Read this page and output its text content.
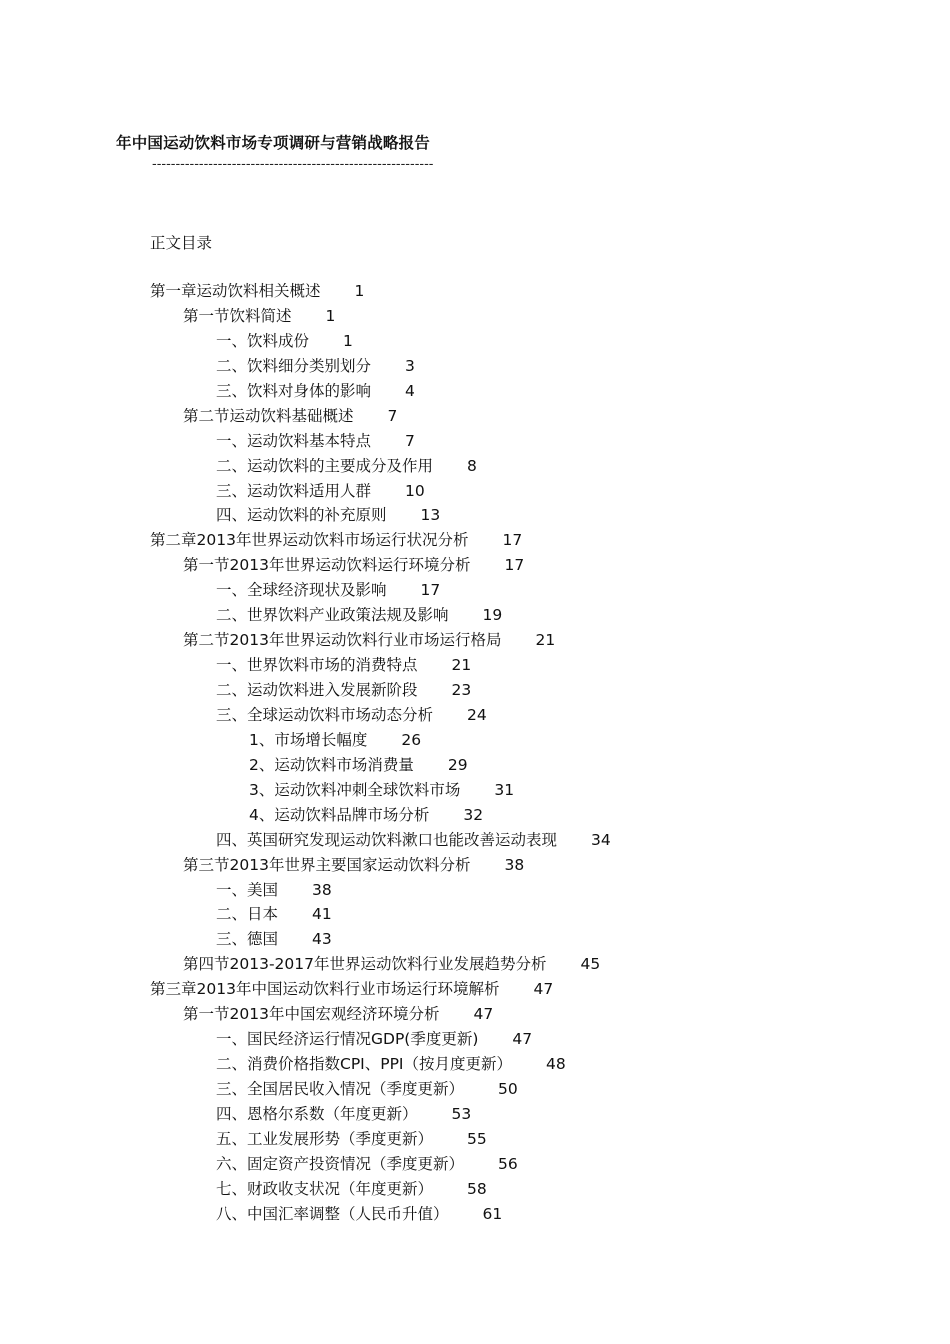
年中国运动饮料市场专项调研与营销战略报告
------------------------------------------------------------
正文目录
第一章运动饮料相关概述 1
第一节饮料简述 1
一、饮料成份 1
二、饮料细分类别划分 3
三、饮料对身体的影响 4
第二节运动饮料基础概述 7
一、运动饮料基本特点 7
二、运动饮料的主要成分及作用 8
三、运动饮料适用人群 10
四、运动饮料的补充原则 13
第二章2013年世界运动饮料市场运行状况分析 17
第一节2013年世界运动饮料运行环境分析 17
一、全球经济现状及影响 17
二、世界饮料产业政策法规及影响 19
第二节2013年世界运动饮料行业市场运行格局 21
一、世界饮料市场的消费特点 21
二、运动饮料进入发展新阶段 23
三、全球运动饮料市场动态分析 24
1、市场增长幅度 26
2、运动饮料市场消费量 29
3、运动饮料冲刺全球饮料市场 31
4、运动饮料品牌市场分析 32
四、英国研究发现运动饮料漱口也能改善运动表现 34
第三节2013年世界主要国家运动饮料分析 38
一、美国 38
二、日本 41
三、德国 43
第四节2013-2017年世界运动饮料行业发展趋势分析 45
第三章2013年中国运动饮料行业市场运行环境解析 47
第一节2013年中国宏观经济环境分析 47
一、国民经济运行情况GDP(季度更新) 47
二、消费价格指数CPI、PPI（按月度更新） 48
三、全国居民收入情况（季度更新） 50
四、恩格尔系数（年度更新） 53
五、工业发展形势（季度更新） 55
六、固定资产投资情况（季度更新） 56
七、财政收支状况（年度更新） 58
八、中国汇率调整（人民币升值） 61
